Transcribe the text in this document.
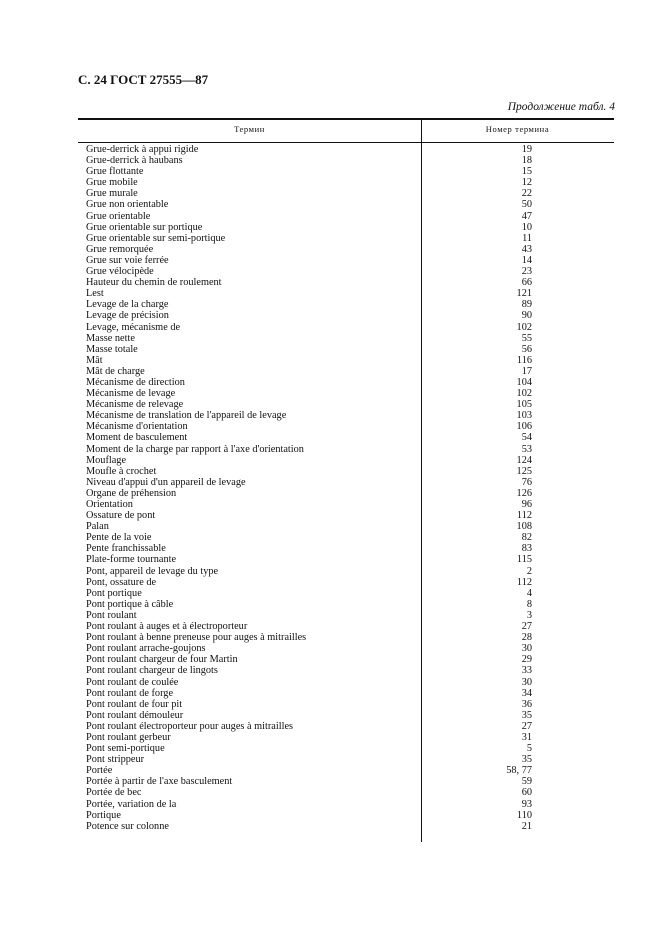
С. 24 ГОСТ 27555—87
Продолжение табл. 4
Термин	Номер термина
Grue-derrick à appui rigide	19
Grue-derrick à haubans	18
Grue flottante	15
Grue mobile	12
Grue murale	22
Grue non orientable	50
Grue orientable	47
Grue orientable sur portique	10
Grue orientable sur semi-portique	11
Grue remorquée	43
Grue sur voie ferrée	14
Grue vélocipède	23
Hauteur du chemin de roulement	66
Lest	121
Levage de la charge	89
Levage de précision	90
Levage, mécanisme de	102
Masse nette	55
Masse totale	56
Mât	116
Mât de charge	17
Mécanisme de direction	104
Mécanisme de levage	102
Mécanisme de relevage	105
Mécanisme de translation de l'appareil de levage	103
Mécanisme d'orientation	106
Moment de basculement	54
Moment de la charge par rapport à l'axe d'orientation	53
Mouflage	124
Moufle à crochet	125
Niveau d'appui d'un appareil de levage	76
Organe de préhension	126
Orientation	96
Ossature de pont	112
Palan	108
Pente de la voie	82
Pente franchissable	83
Plate-forme tournante	115
Pont, appareil de levage du type	2
Pont, ossature de	112
Pont portique	4
Pont portique à câble	8
Pont roulant	3
Pont roulant à auges et à électroporteur	27
Pont roulant à benne preneuse pour auges à mitrailles	28
Pont roulant arrache-goujons	30
Pont roulant chargeur de four Martin	29
Pont roulant chargeur de lingots	33
Pont roulant de coulée	30
Pont roulant de forge	34
Pont roulant de four pit	36
Pont roulant démouleur	35
Pont roulant électroporteur pour auges à mitrailles	27
Pont roulant gerbeur	31
Pont semi-portique	5
Pont strippeur	35
Portée	58, 77
Portée à partir de l'axe basculement	59
Portée de bec	60
Portée, variation de la	93
Portique	110
Potence sur colonne	21
